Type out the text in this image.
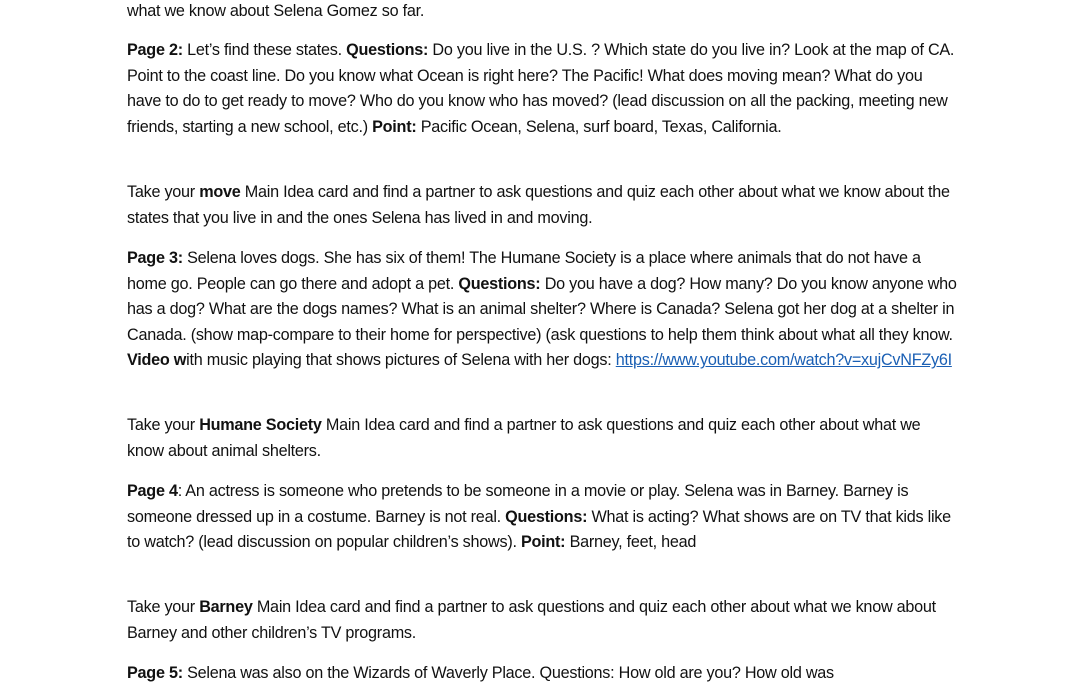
what we know about Selena Gomez so far.

Page 2: Let’s find these states. Questions: Do you live in the U.S. ? Which state do you live in? Look at the map of CA. Point to the coast line. Do you know what Ocean is right here? The Pacific! What does moving mean? What do you have to do to get ready to move? Who do you know who has moved? (lead discussion on all the packing, meeting new friends, starting a new school, etc.) Point: Pacific Ocean, Selena, surf board, Texas, California.

Take your move Main Idea card and find a partner to ask questions and quiz each other about what we know about the states that you live in and the ones Selena has lived in and moving.

Page 3: Selena loves dogs. She has six of them! The Humane Society is a place where animals that do not have a home go. People can go there and adopt a pet. Questions: Do you have a dog? How many? Do you know anyone who has a dog? What are the dogs names? What is an animal shelter? Where is Canada? Selena got her dog at a shelter in Canada. (show map-compare to their home for perspective) (ask questions to help them think about what all they know. Video with music playing that shows pictures of Selena with her dogs: https://www.youtube.com/watch?v=xujCvNFZy6I

Take your Humane Society Main Idea card and find a partner to ask questions and quiz each other about what we know about animal shelters.

Page 4: An actress is someone who pretends to be someone in a movie or play. Selena was in Barney. Barney is someone dressed up in a costume. Barney is not real. Questions: What is acting? What shows are on TV that kids like to watch? (lead discussion on popular children’s shows). Point: Barney, feet, head

Take your Barney Main Idea card and find a partner to ask questions and quiz each other about what we know about Barney and other children’s TV programs.

Page 5: Selena was also on the Wizards of Waverly Place. Questions: How old are you? How old was
